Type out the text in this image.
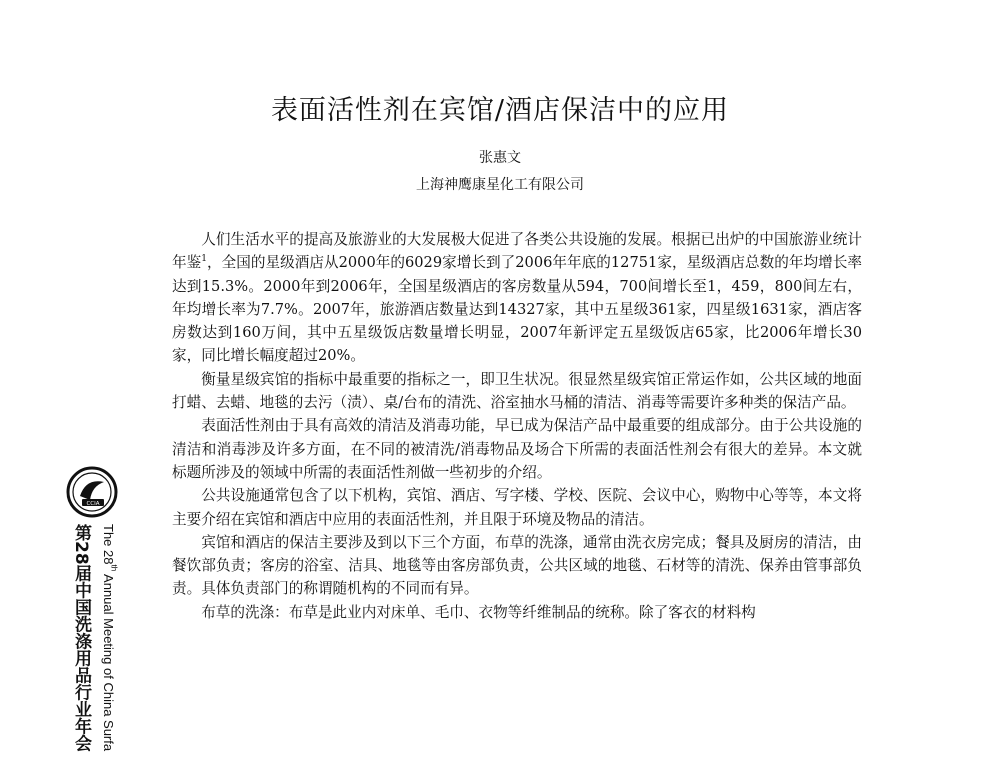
表面活性剂在宾馆/酒店保洁中的应用
张惠文
上海神鹰康星化工有限公司

人们生活水平的提高及旅游业的大发展极大促进了各类公共设施的发展。根据已出炉的中国旅游业统计年鉴$^1$，全国的星级酒店从2000年的6029家增长到了2006年年底的12751家，星级酒店总数的年均增长率达到15.3%。2000年到2006年，全国星级酒店的客房数量从594，700间增长至1，459，800间左右，年均增长率为7.7%。2007年，旅游酒店数量达到14327家，其中五星级361家，四星级1631家，酒店客房数达到160万间，其中五星级饭店数量增长明显，2007年新评定五星级饭店65家，比2006年增长30家，同比增长幅度超过20%。

衡量星级宾馆的指标中最重要的指标之一，即卫生状况。很显然星级宾馆正常运作如，公共区域的地面打蜡、去蜡、地毯的去污（渍）、桌/台布的清洗、浴室抽水马桶的清洁、消毒等需要许多种类的保洁产品。

表面活性剂由于具有高效的清洁及消毒功能，早已成为保洁产品中最重要的组成部分。由于公共设施的清洁和消毒涉及许多方面，在不同的被清洗/消毒物品及场合下所需的表面活性剂会有很大的差异。本文就标题所涉及的领域中所需的表面活性剂做一些初步的介绍。

公共设施通常包含了以下机构，宾馆、酒店、写字楼、学校、医院、会议中心，购物中心等等，本文将主要介绍在宾馆和酒店中应用的表面活性剂，并且限于环境及物品的清洁。

宾馆和酒店的保洁主要涉及到以下三个方面，布草的洗涤，通常由洗衣房完成；餐具及厨房的清洁，由餐饮部负责；客房的浴室、洁具、地毯等由客房部负责，公共区域的地毯、石材等的清洗、保养由管事部负责。具体负责部门的称谓随机构的不同而有异。

布草的洗涤：布草是此业内对床单、毛巾、衣物等纤维制品的统称。除了客衣的材料构

CCIA
第28届中国洗涤用品行业年会 The 28th Annual Meeting of China Surfa
